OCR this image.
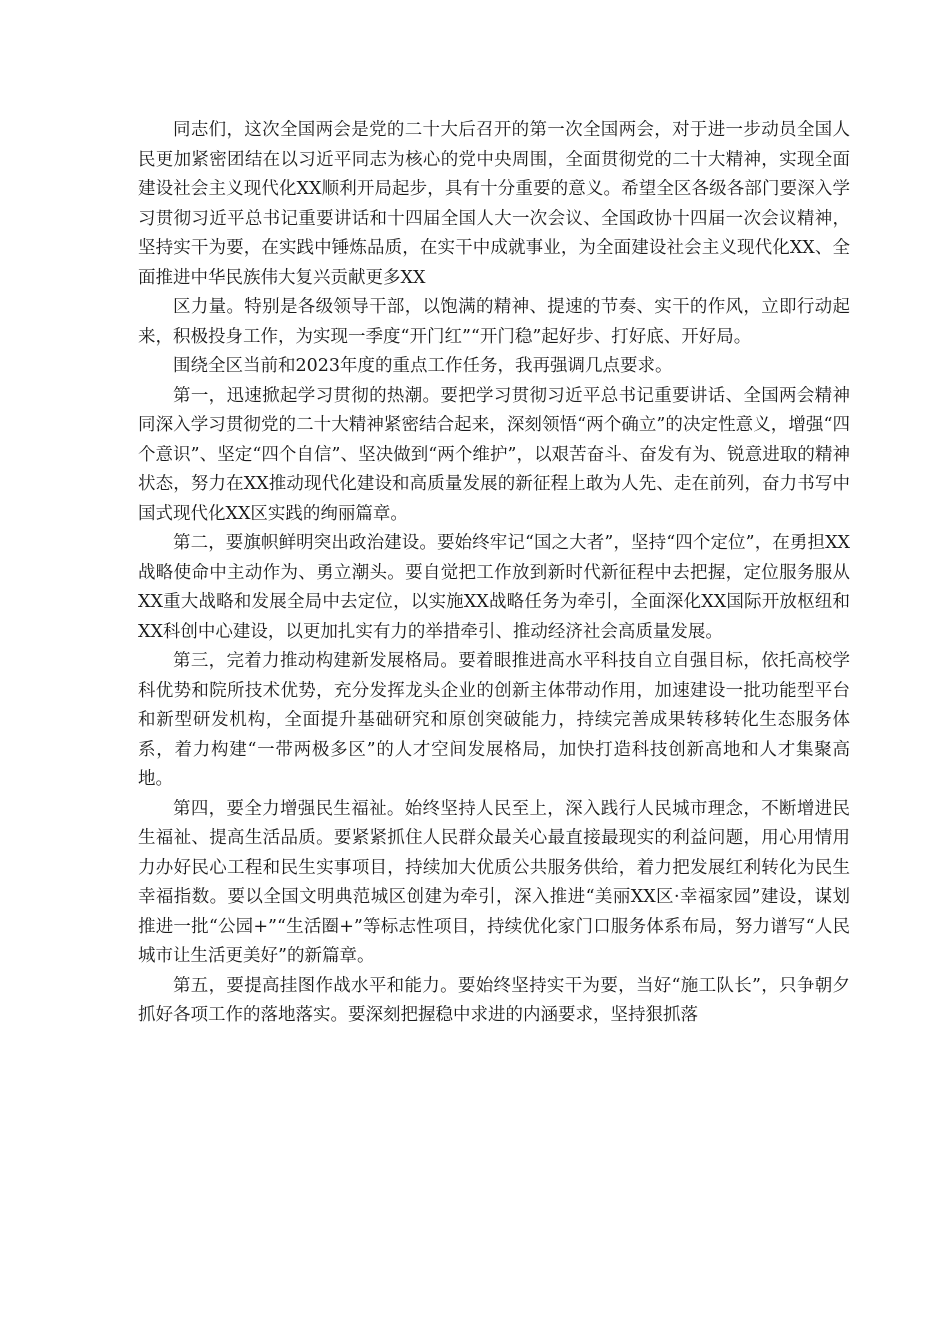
同志们，这次全国两会是党的二十大后召开的第一次全国两会，对于进一步动员全国人民更加紧密团结在以习近平同志为核心的党中央周围，全面贯彻党的二十大精神，实现全面建设社会主义现代化XX顺利开局起步，具有十分重要的意义。希望全区各级各部门要深入学习贯彻习近平总书记重要讲话和十四届全国人大一次会议、全国政协十四届一次会议精神，坚持实干为要，在实践中锤炼品质，在实干中成就事业，为全面建设社会主义现代化XX、全面推进中华民族伟大复兴贡献更多XX

区力量。特别是各级领导干部，以饱满的精神、提速的节奏、实干的作风，立即行动起来，积极投身工作，为实现一季度“开门红”“开门稳”起好步、打好底、开好局。

围绕全区当前和2023年度的重点工作任务，我再强调几点要求。

第一，迅速掀起学习贯彻的热潮。要把学习贯彻习近平总书记重要讲话、全国两会精神同深入学习贯彻党的二十大精神紧密结合起来，深刻领悟“两个确立”的决定性意义，增强“四个意识”、坚定“四个自信”、坚决做到“两个维护”，以艰苦奋斗、奋发有为、锐意进取的精神状态，努力在XX推动现代化建设和高质量发展的新征程上敢为人先、走在前列，奋力书写中国式现代化XX区实践的绚丽篇章。

第二，要旗帜鲜明突出政治建设。要始终牢记“国之大者”，坚持“四个定位”，在勇担XX战略使命中主动作为、勇立潮头。要自觉把工作放到新时代新征程中去把握，定位服务服从XX重大战略和发展全局中去定位，以实施XX战略任务为牵引，全面深化XX国际开放枢纽和XX科创中心建设，以更加扎实有力的举措牵引、推动经济社会高质量发展。

第三，完着力推动构建新发展格局。要着眼推进高水平科技自立自强目标，依托高校学科优势和院所技术优势，充分发挥龙头企业的创新主体带动作用，加速建设一批功能型平台和新型研发机构，全面提升基础研究和原创突破能力，持续完善成果转移转化生态服务体系，着力构建“一带两极多区”的人才空间发展格局，加快打造科技创新高地和人才集聚高地。

第四，要全力增强民生福祉。始终坚持人民至上，深入践行人民城市理念，不断增进民生福祉、提高生活品质。要紧紧抓住人民群众最关心最直接最现实的利益问题，用心用情用力办好民心工程和民生实事项目，持续加大优质公共服务供给，着力把发展红利转化为民生幸福指数。要以全国文明典范城区创建为牵引，深入推进“美丽XX区·幸福家园”建设，谋划推进一批“公园+”“生活圈+”等标志性项目，持续优化家门口服务体系布局，努力谱写“人民城市让生活更美好”的新篇章。

第五，要提高挂图作战水平和能力。要始终坚持实干为要，当好“施工队长”，只争朝夕抓好各项工作的落地落实。要深刻把握稳中求进的内涵要求，坚持狠抓落
